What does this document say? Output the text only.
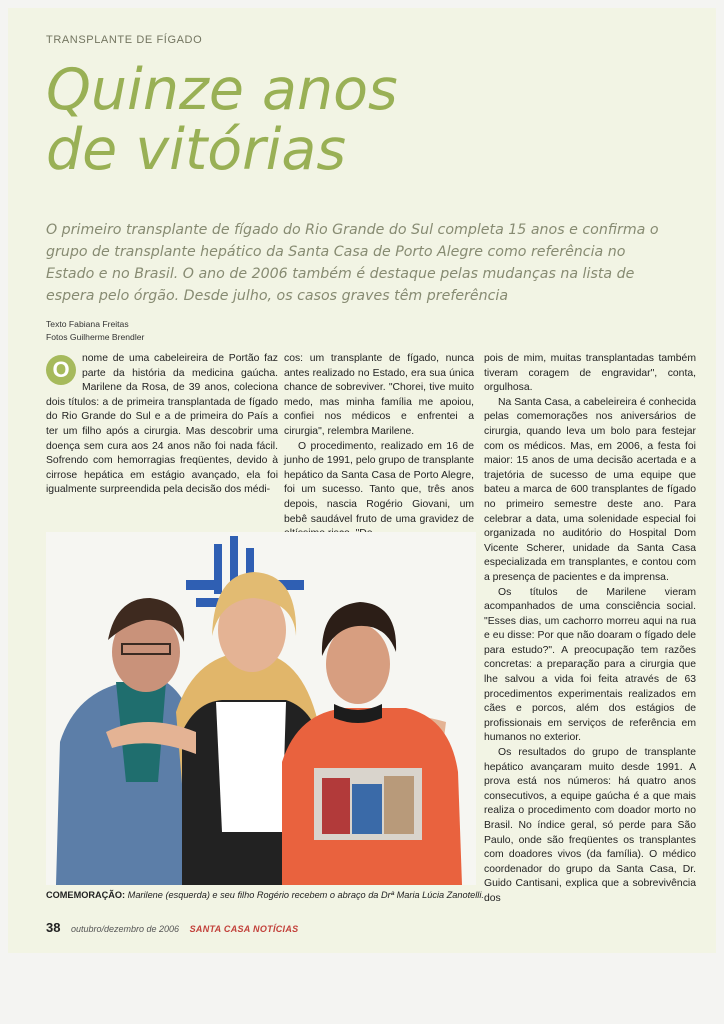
TRANSPLANTE DE FÍGADO
Quinze anos
de vitórias

O primeiro transplante de fígado do Rio Grande do Sul completa 15 anos e confirma o grupo de transplante hepático da Santa Casa de Porto Alegre como referência no Estado e no Brasil. O ano de 2006 também é destaque pelas mudanças na lista de espera pelo órgão. Desde julho, os casos graves têm preferência

Texto Fabiana Freitas
Fotos Guilherme Brendler

O	nome de uma cabeleireira de Portão faz parte da história da medicina gaúcha. Marilene da Rosa, de 39 anos, coleciona dois títulos: a de primeira transplantada de fígado do Rio Grande do Sul e a de primeira do País a ter um filho após a cirurgia. Mas descobrir uma doença sem cura aos 24 anos não foi nada fácil. Sofrendo com hemorragias freqüentes, devido à cirrose hepática em estágio avançado, ela foi igualmente surpreendida pela decisão dos médi-

cos: um transplante de fígado, nunca antes realizado no Estado, era sua única chance de sobreviver. "Chorei, tive muito medo, mas minha família me apoiou, confiei nos médicos e enfrentei a cirurgia", relembra Marilene.

O procedimento, realizado em 16 de junho de 1991, pelo grupo de transplante hepático da Santa Casa de Porto Alegre, foi um sucesso. Tanto que, três anos depois, nascia Rogério Giovani, um bebê saudável fruto de uma gravidez de

pois de mim, muitas transplantadas também tiveram coragem de engravidar", conta, orgulhosa.

Na Santa Casa, a cabeleireira é conhecida pelas comemorações nos aniversários de cirurgia, quando leva um bolo para festejar com os médicos. Mas, em 2006, a festa foi maior: 15 anos de uma decisão acertada e a trajetória de sucesso de uma equipe que bateu a marca de 600 transplantes de fígado no primeiro semestre deste ano. Para celebrar a data, uma solenidade especial foi organizada no auditório do Hospital Dom Vicente Scherer, unidade da Santa Casa especializada em transplantes, e contou com a presença de pacientes e da imprensa.

Os títulos de Marilene vieram acompanhados de uma consciência social. "Esses dias, um cachorro morreu aqui na rua e eu disse: Por que não doaram o fígado dele para estudo?". A preocupação tem razões concretas: a preparação para a cirurgia que lhe salvou a vida foi feita através de 63 procedimentos experimentais realizados em cães e porcos, além dos estágios de profissionais em serviços de referência em humanos no exterior.

Os resultados do grupo de transplante hepático avançaram muito desde 1991. A prova está nos números: há quatro anos consecutivos, a equipe gaúcha é a que mais realiza o procedimento com doador morto no Brasil. No índice geral, só perde para São Paulo, onde são freqüentes os transplantes com doadores vivos (da família). O médico coordenador do grupo da Santa Casa, Dr. Guido Cantisani, explica que a sobrevivência dos

COMEMORAÇÃO: Marilene (esquerda) e seu filho Rogério recebem o abraço da Drª Maria Lúcia Zanotelli.
38 outubro/dezembro de 2006 SANTA CASA NOTÍCIAS
